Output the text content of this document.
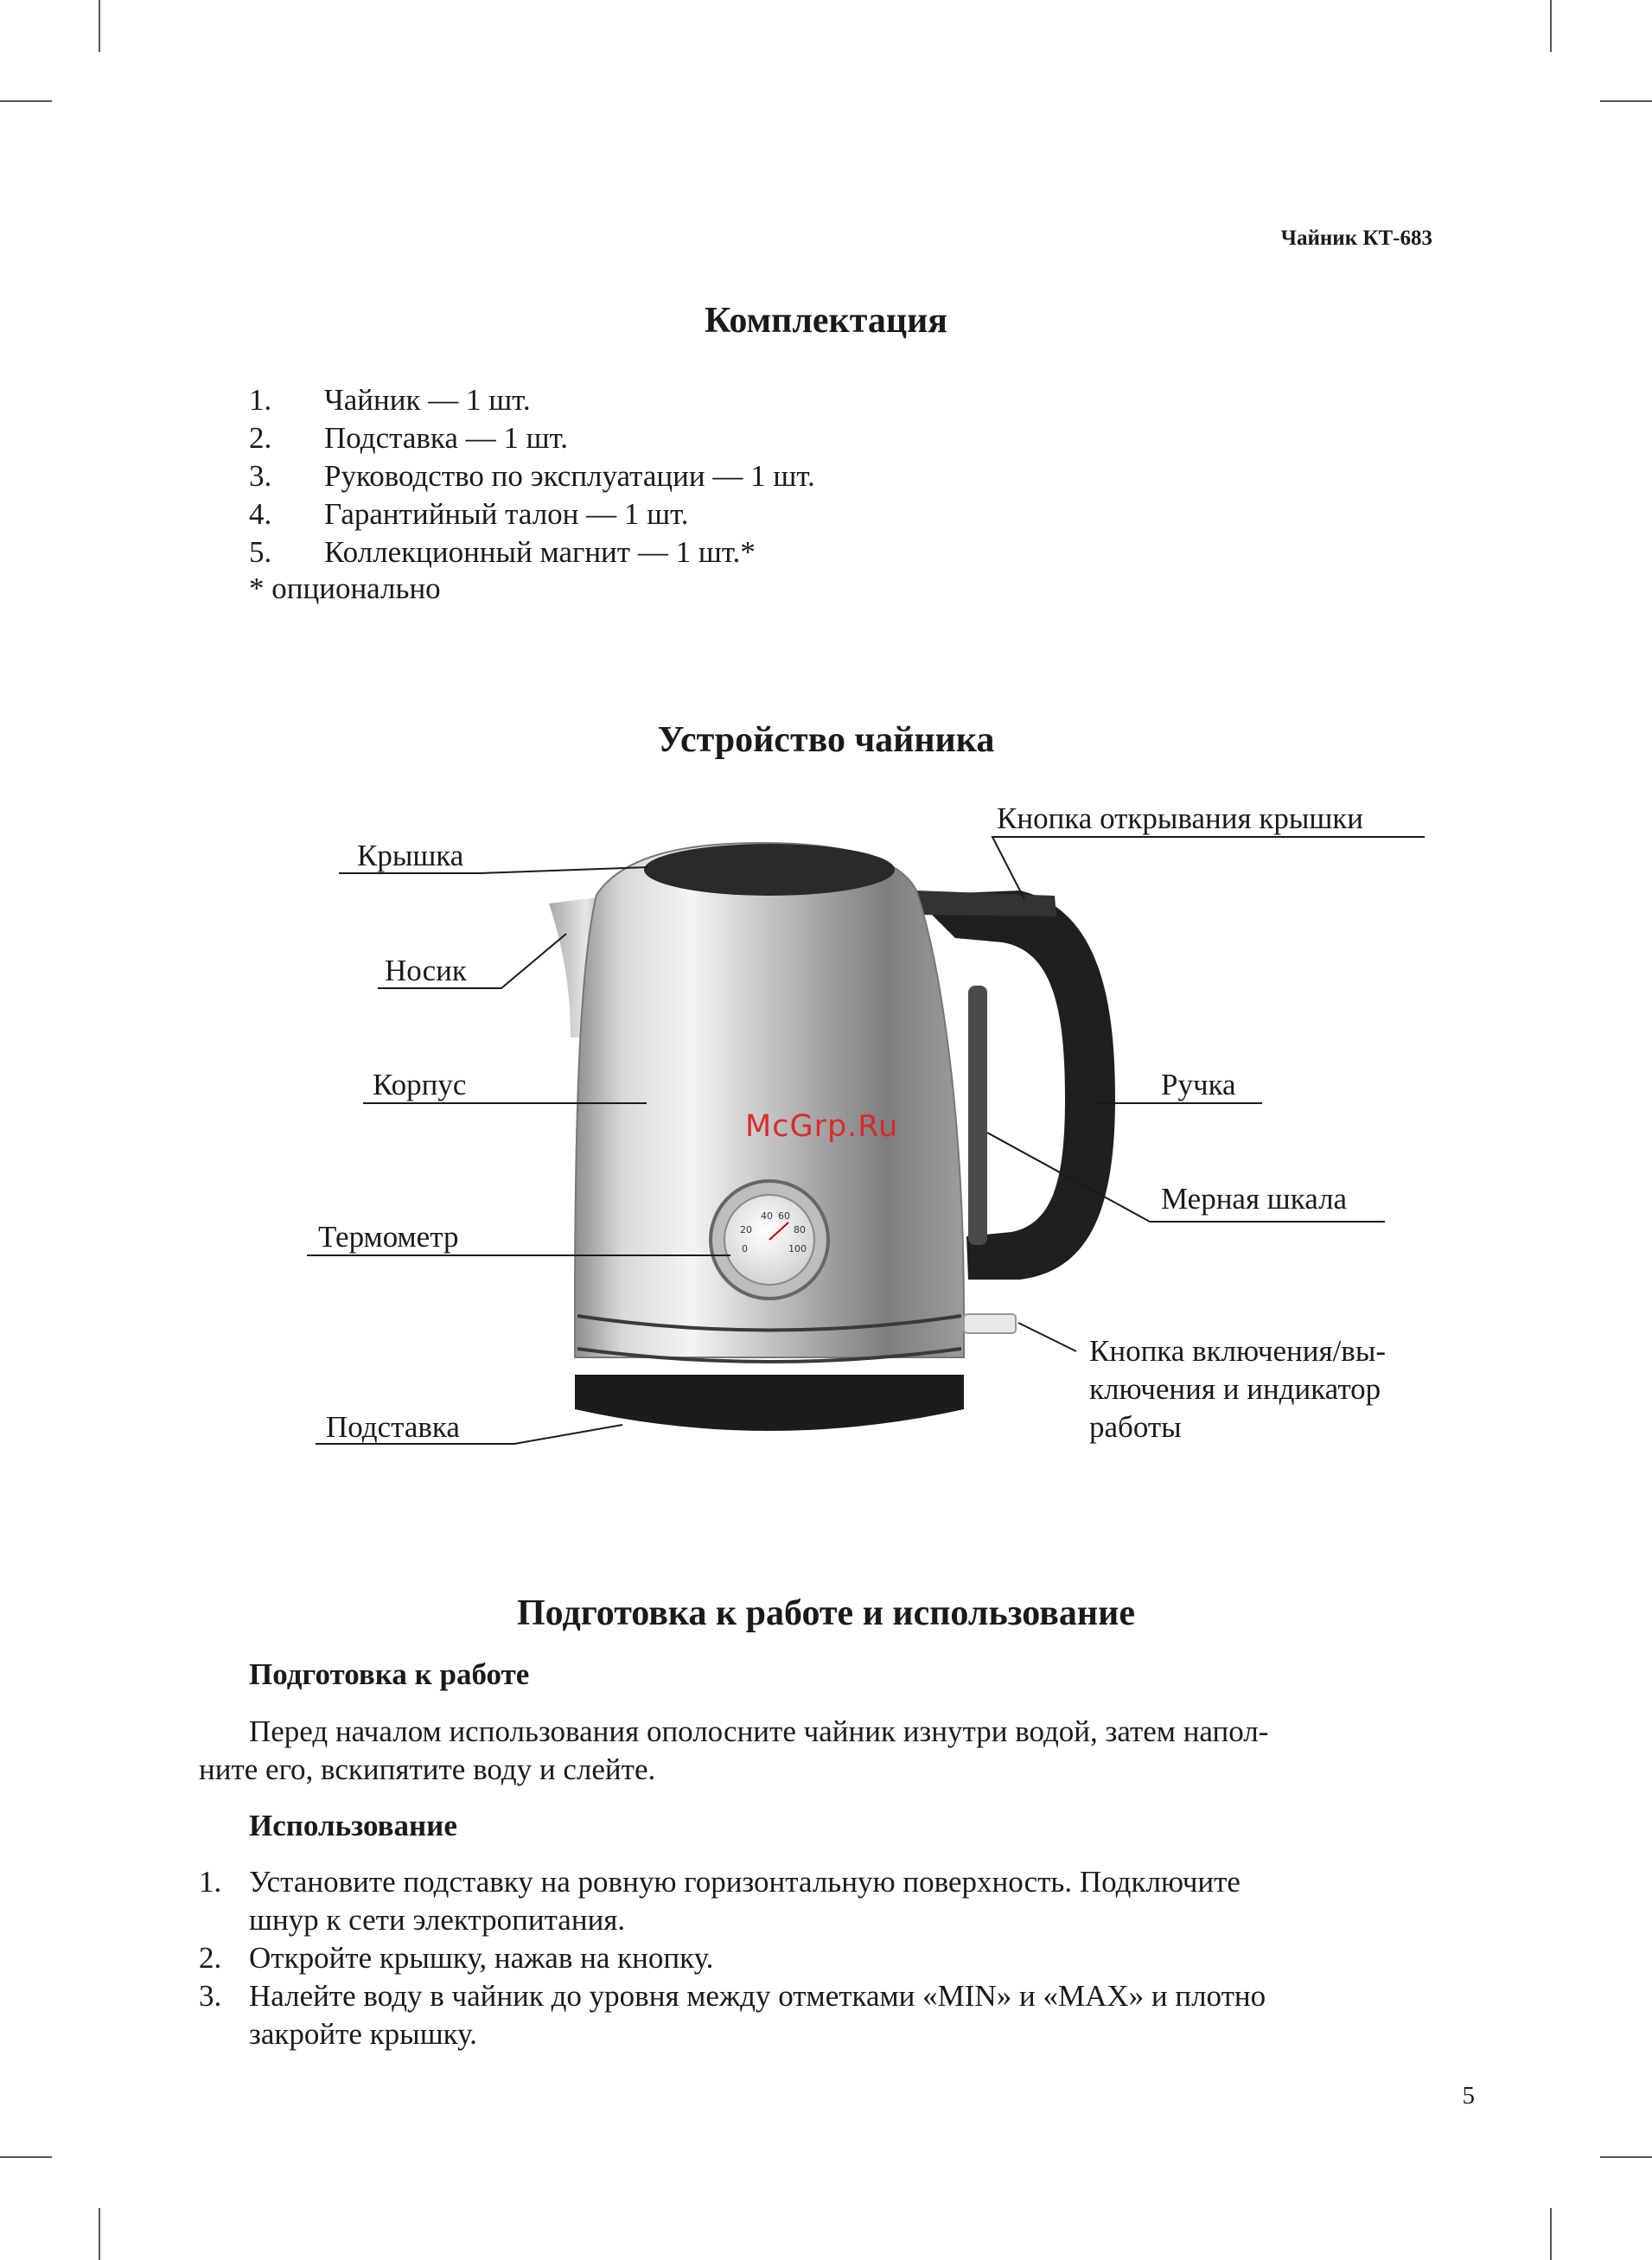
Чайник КТ-683
Комплектация
1. Чайник — 1 шт.
2. Подставка — 1 шт.
3. Руководство по эксплуатации — 1 шт.
4. Гарантийный талон — 1 шт.
5. Коллекционный магнит — 1 шт.*
* опционально
Устройство чайника
40 60
20	80
0	100
Крышка
Носик
Корпус
Термометр
Подставка
Кнопка открывания крышки
Ручка
Мерная шкала
Кнопка включения/вы-
ключения и индикатор
работы
McGrp.Ru
Подготовка к работе и использование
Подготовка к работе
Перед началом использования ополосните чайник изнутри водой, затем напол-
ните его, вскипятите воду и слейте.
Использование
1. Установите подставку на ровную горизонтальную поверхность. Подключите
шнур к сети электропитания.
2. Откройте крышку, нажав на кнопку.
3. Налейте воду в чайник до уровня между отметками «MIN» и «MAX» и плотно
закройте крышку.
5
